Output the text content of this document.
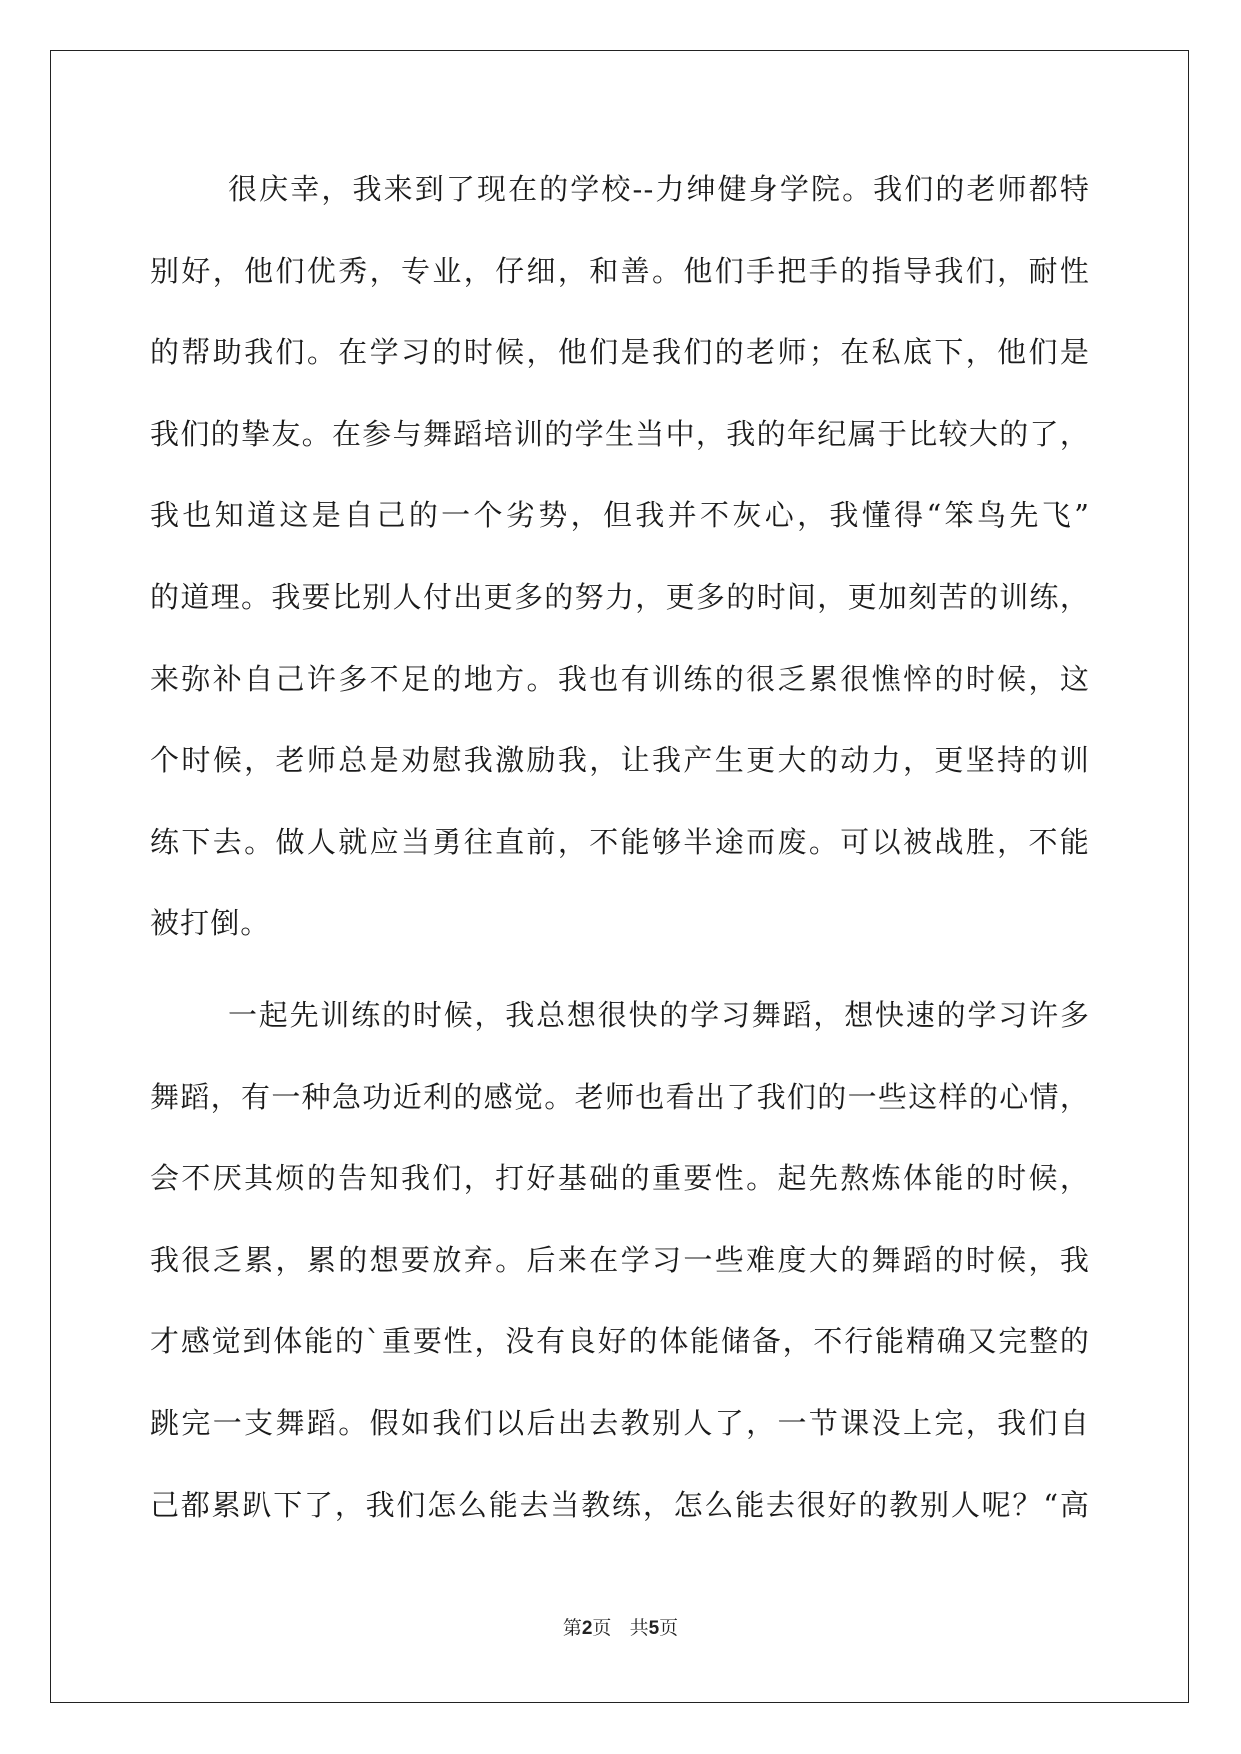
很庆幸，我来到了现在的学校--力绅健身学院。我们的老师都特
别好，他们优秀，专业，仔细，和善。他们手把手的指导我们，耐性
的帮助我们。在学习的时候，他们是我们的老师；在私底下，他们是
我们的挚友。在参与舞蹈培训的学生当中，我的年纪属于比较大的了，
我也知道这是自己的一个劣势，但我并不灰心，我懂得“笨鸟先飞”
的道理。我要比别人付出更多的努力，更多的时间，更加刻苦的训练，
来弥补自己许多不足的地方。我也有训练的很乏累很憔悴的时候，这
个时候，老师总是劝慰我激励我，让我产生更大的动力，更坚持的训
练下去。做人就应当勇往直前，不能够半途而废。可以被战胜，不能
被打倒。
一起先训练的时候，我总想很快的学习舞蹈，想快速的学习许多
舞蹈，有一种急功近利的感觉。老师也看出了我们的一些这样的心情，
会不厌其烦的告知我们，打好基础的重要性。起先熬炼体能的时候，
我很乏累，累的想要放弃。后来在学习一些难度大的舞蹈的时候，我
才感觉到体能的`重要性，没有良好的体能储备，不行能精确又完整的
跳完一支舞蹈。假如我们以后出去教别人了，一节课没上完，我们自
己都累趴下了，我们怎么能去当教练，怎么能去很好的教别人呢？“高
第2页 共5页
